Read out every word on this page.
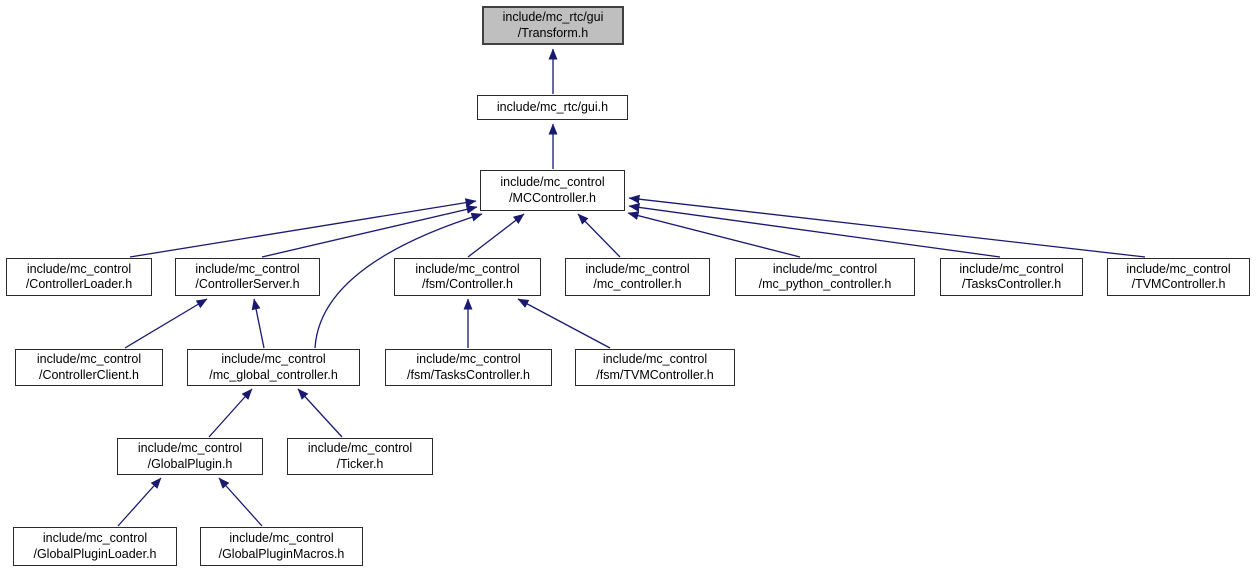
include/mc_rtc/gui
/Transform.h
include/mc_rtc/gui.h
include/mc_control
/MCController.h
include/mc_control
/ControllerLoader.h
include/mc_control
/ControllerServer.h
include/mc_control
/fsm/Controller.h
include/mc_control
/mc_controller.h
include/mc_control
/mc_python_controller.h
include/mc_control
/TasksController.h
include/mc_control
/TVMController.h
include/mc_control
/ControllerClient.h
include/mc_control
/mc_global_controller.h
include/mc_control
/fsm/TasksController.h
include/mc_control
/fsm/TVMController.h
include/mc_control
/GlobalPlugin.h
include/mc_control
/Ticker.h
include/mc_control
/GlobalPluginLoader.h
include/mc_control
/GlobalPluginMacros.h
